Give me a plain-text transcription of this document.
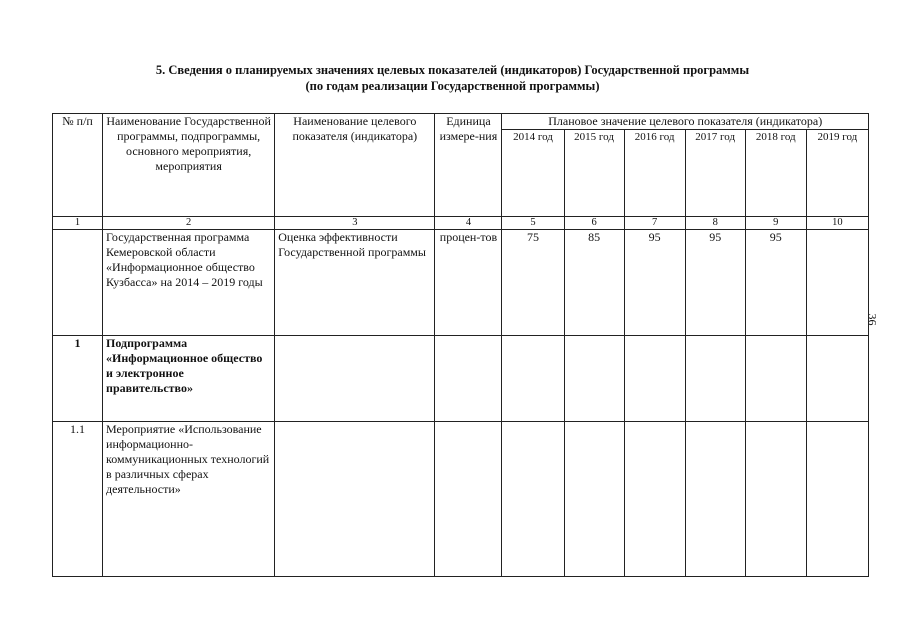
5. Сведения о планируемых значениях целевых показателей (индикаторов) Государственной программы
(по годам реализации Государственной программы)
36
№ п/п	Наименование Государственной программы, подпрограммы, основного мероприятия, мероприятия	Наименование целевого показателя (индикатора)	Единица измере-ния	Плановое значение целевого показателя (индикатора)					
				2014 год	2015 год	2016 год	2017 год	2018 год	2019 год
1	2	3	4	5	6	7	8	9	10
	Государственная программа Кемеровской области «Информационное общество Кузбасса» на 2014 – 2019 годы	Оценка эффективности Государственной программы	процен-тов	75	85	95	95	95	
1	Подпрограмма «Информационное общество и электронное правительство»								
1.1	Мероприятие «Использование информационно-коммуникационных технологий в различных сферах деятельности»								
